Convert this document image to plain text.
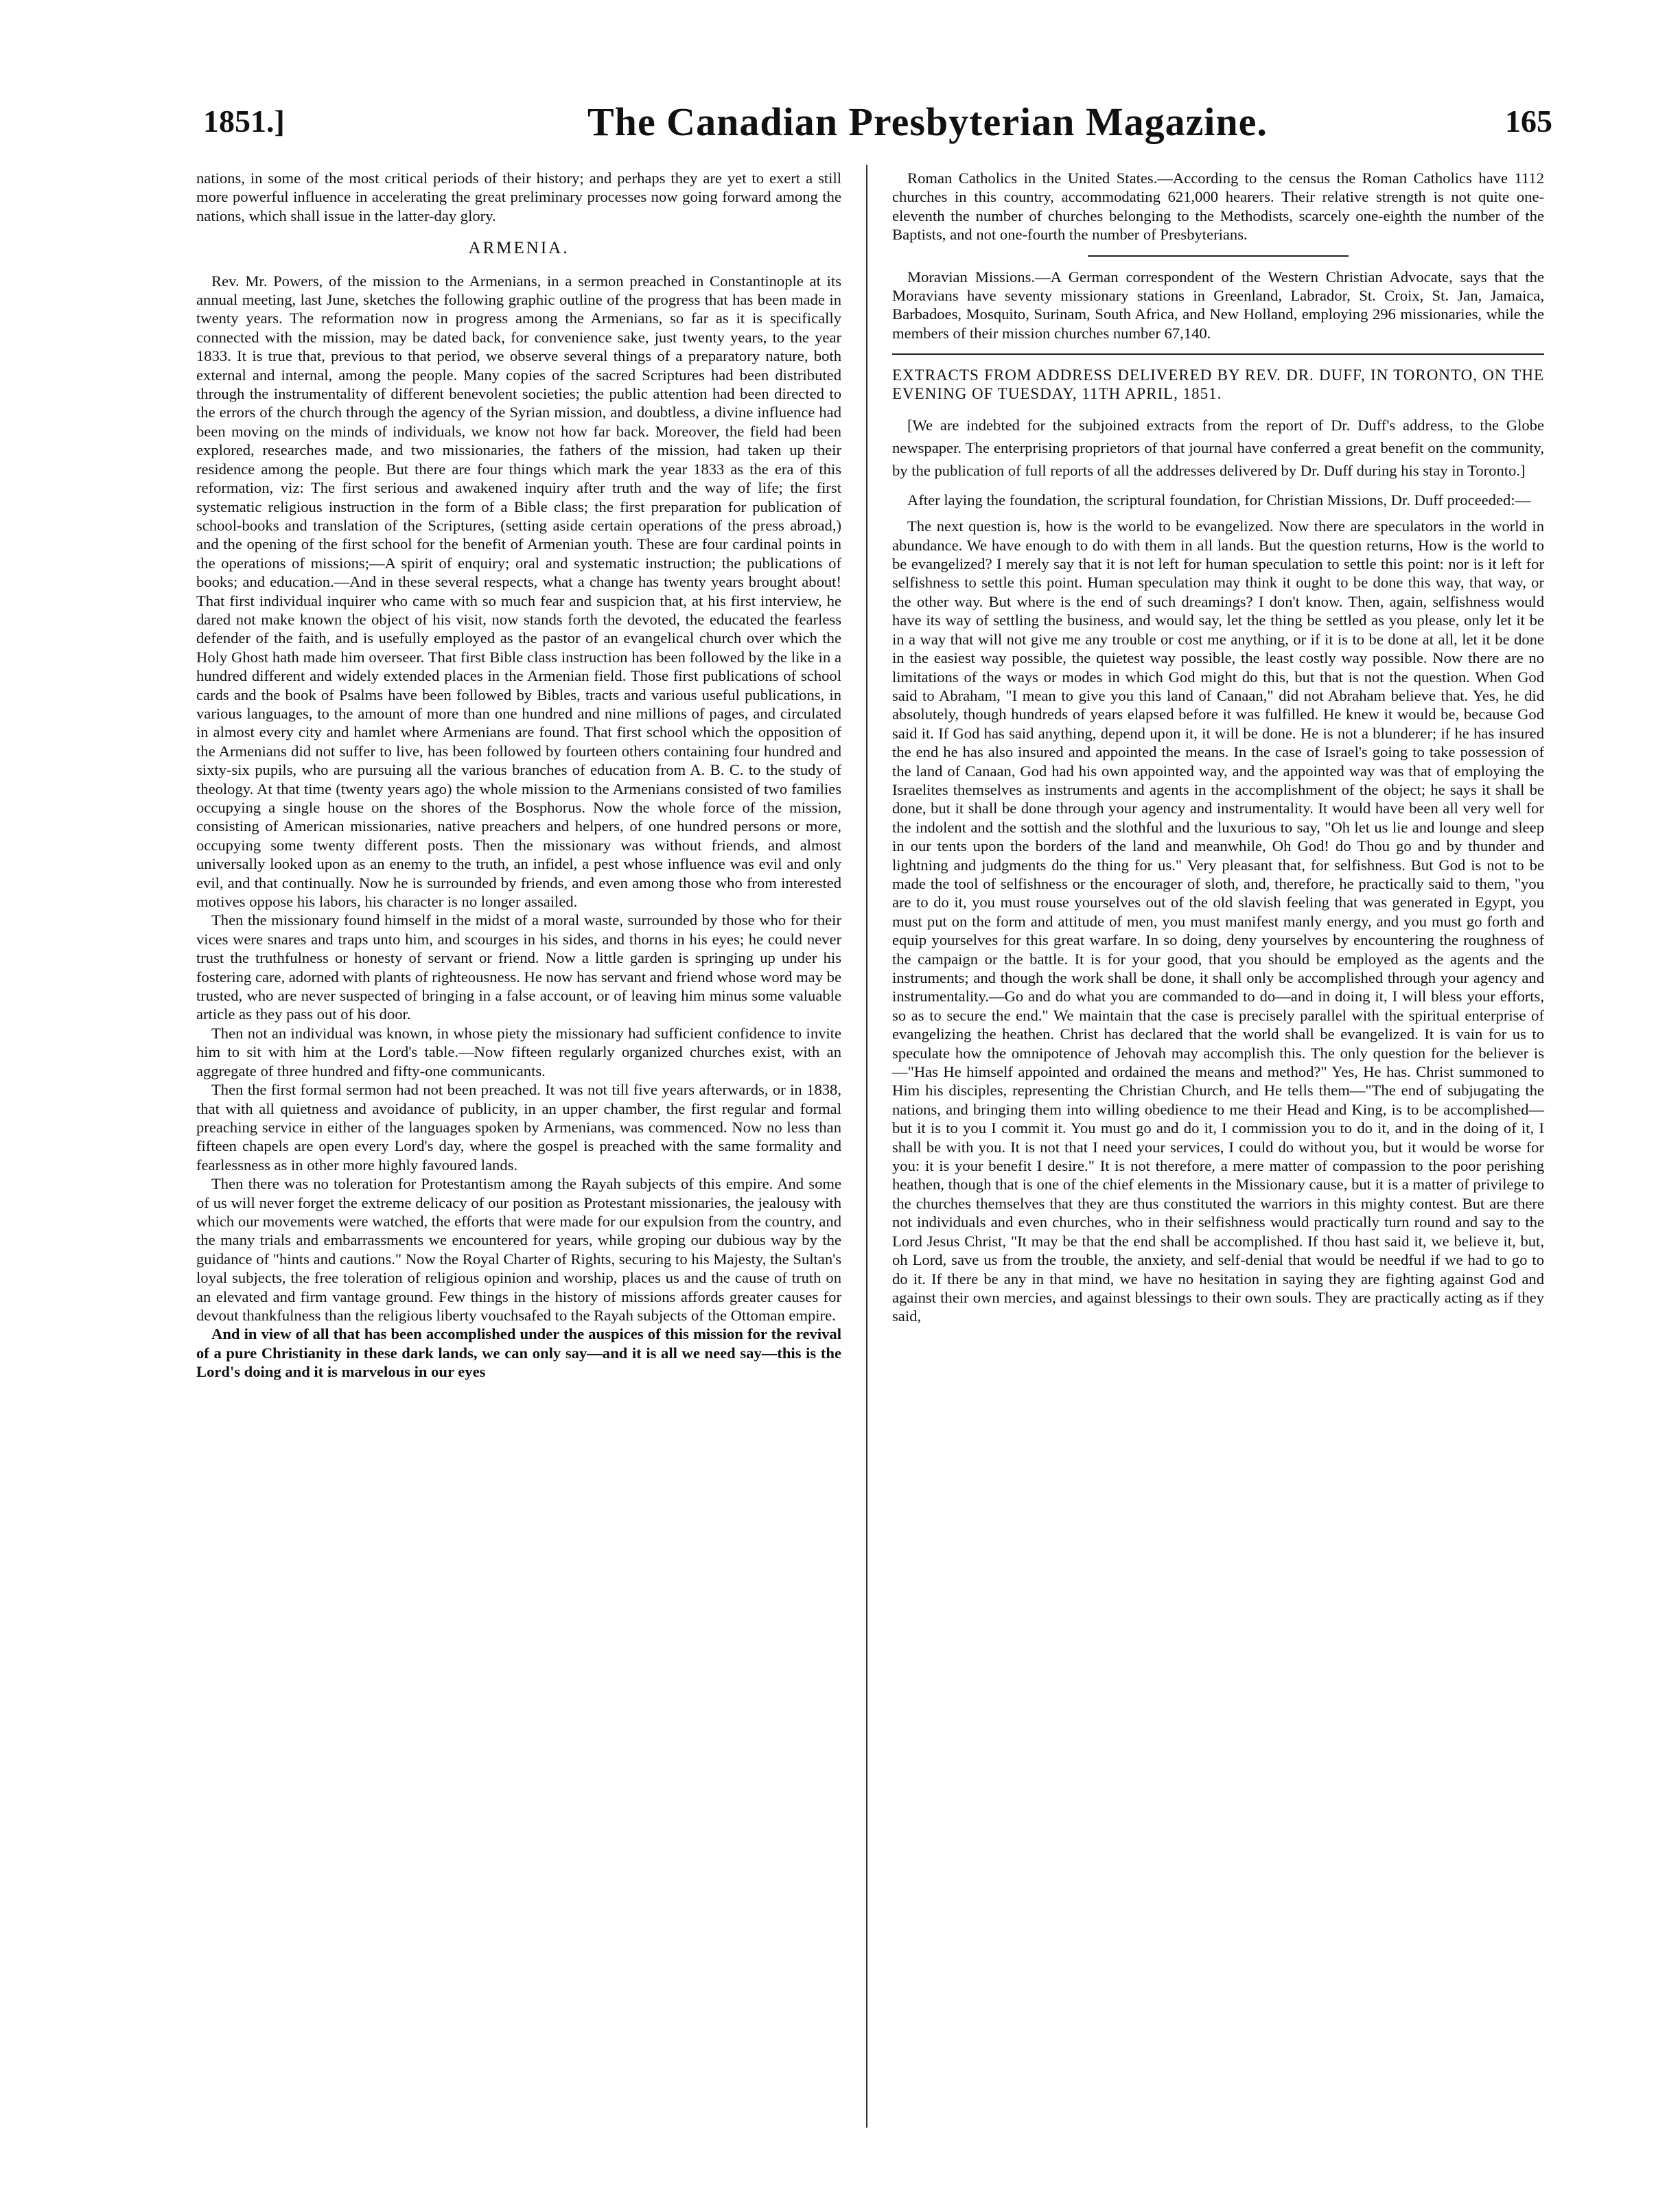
1851.]	The Canadian Presbyterian Magazine.	165

nations, in some of the most critical periods of their history; and perhaps they are yet to exert a still more powerful influence in accelerating the great preliminary processes now going forward among the nations, which shall issue in the latter-day glory.

ARMENIA.

Rev. Mr. Powers, of the mission to the Armenians, in a sermon preached in Constantinople at its annual meeting, last June, sketches the following graphic outline of the progress that has been made in twenty years. The reformation now in progress among the Armenians, so far as it is specifically connected with the mission, may be dated back, for convenience sake, just twenty years, to the year 1833. It is true that, previous to that period, we observe several things of a preparatory nature, both external and internal, among the people. Many copies of the sacred Scriptures had been distributed through the instrumentality of different benevolent societies; the public attention had been directed to the errors of the church through the agency of the Syrian mission, and doubtless, a divine influence had been moving on the minds of individuals, we know not how far back. Moreover, the field had been explored, researches made, and two missionaries, the fathers of the mission, had taken up their residence among the people. But there are four things which mark the year 1833 as the era of this reformation, viz: The first serious and awakened inquiry after truth and the way of life; the first systematic religious instruction in the form of a Bible class; the first preparation for publication of school-books and translation of the Scriptures, (setting aside certain operations of the press abroad,) and the opening of the first school for the benefit of Armenian youth. These are four cardinal points in the operations of missions;—A spirit of enquiry; oral and systematic instruction; the publications of books; and education.—And in these several respects, what a change has twenty years brought about! That first individual inquirer who came with so much fear and suspicion that, at his first interview, he dared not make known the object of his visit, now stands forth the devoted, the educated the fearless defender of the faith, and is usefully employed as the pastor of an evangelical church over which the Holy Ghost hath made him overseer. That first Bible class instruction has been followed by the like in a hundred different and widely extended places in the Armenian field. Those first publications of school cards and the book of Psalms have been followed by Bibles, tracts and various useful publications, in various languages, to the amount of more than one hundred and nine millions of pages, and circulated in almost every city and hamlet where Armenians are found. That first school which the opposition of the Armenians did not suffer to live, has been followed by fourteen others containing four hundred and sixty-six pupils, who are pursuing all the various branches of education from A. B. C. to the study of theology. At that time (twenty years ago) the whole mission to the Armenians consisted of two families occupying a single house on the shores of the Bosphorus. Now the whole force of the mission, consisting of American missionaries, native preachers and helpers, of one hundred persons or more, occupying some twenty different posts. Then the missionary was without friends, and almost universally looked upon as an enemy to the truth, an infidel, a pest whose influence was evil and only evil, and that continually. Now he is surrounded by friends, and even among those who from interested motives oppose his labors, his character is no longer assailed.

Then the missionary found himself in the midst of a moral waste, surrounded by those who for their vices were snares and traps unto him, and scourges in his sides, and thorns in his eyes; he could never trust the truthfulness or honesty of servant or friend. Now a little garden is springing up under his fostering care, adorned with plants of righteousness. He now has servant and friend whose word may be trusted, who are never suspected of bringing in a false account, or of leaving him minus some valuable article as they pass out of his door.

Then not an individual was known, in whose piety the missionary had sufficient confidence to invite him to sit with him at the Lord's table.—Now fifteen regularly organized churches exist, with an aggregate of three hundred and fifty-one communicants.

Then the first formal sermon had not been preached. It was not till five years afterwards, or in 1838, that with all quietness and avoidance of publicity, in an upper chamber, the first regular and formal preaching service in either of the languages spoken by Armenians, was commenced. Now no less than fifteen chapels are open every Lord's day, where the gospel is preached with the same formality and fearlessness as in other more highly favoured lands.

Then there was no toleration for Protestantism among the Rayah subjects of this empire. And some of us will never forget the extreme delicacy of our position as Protestant missionaries, the jealousy with which our movements were watched, the efforts that were made for our expulsion from the country, and the many trials and embarrassments we encountered for years, while groping our dubious way by the guidance of "hints and cautions." Now the Royal Charter of Rights, securing to his Majesty, the Sultan's loyal subjects, the free toleration of religious opinion and worship, places us and the cause of truth on an elevated and firm vantage ground. Few things in the history of missions affords greater causes for devout thankfulness than the religious liberty vouchsafed to the Rayah subjects of the Ottoman empire.

And in view of all that has been accomplished under the auspices of this mission for the revival of a pure Christianity in these dark lands, we can only say—and it is all we need say—this is the Lord's doing and it is marvelous in our eyes

Roman Catholics in the United States.—According to the census the Roman Catholics have 1112 churches in this country, accommodating 621,000 hearers. Their relative strength is not quite one-eleventh the number of churches belonging to the Methodists, scarcely one-eighth the number of the Baptists, and not one-fourth the number of Presbyterians.

Moravian Missions.—A German correspondent of the Western Christian Advocate, says that the Moravians have seventy missionary stations in Greenland, Labrador, St. Croix, St. Jan, Jamaica, Barbadoes, Mosquito, Surinam, South Africa, and New Holland, employing 296 missionaries, while the members of their mission churches number 67,140.

EXTRACTS FROM ADDRESS DELIVERED BY REV. DR. DUFF, IN TORONTO, ON THE EVENING OF TUESDAY, 11TH APRIL, 1851.

[We are indebted for the subjoined extracts from the report of Dr. Duff's address, to the Globe newspaper. The enterprising proprietors of that journal have conferred a great benefit on the community, by the publication of full reports of all the addresses delivered by Dr. Duff during his stay in Toronto.]

After laying the foundation, the scriptural foundation, for Christian Missions, Dr. Duff proceeded:—

The next question is, how is the world to be evangelized. Now there are speculators in the world in abundance. We have enough to do with them in all lands. But the question returns, How is the world to be evangelized? I merely say that it is not left for human speculation to settle this point: nor is it left for selfishness to settle this point. Human speculation may think it ought to be done this way, that way, or the other way. But where is the end of such dreamings? I don't know. Then, again, selfishness would have its way of settling the business, and would say, let the thing be settled as you please, only let it be in a way that will not give me any trouble or cost me anything, or if it is to be done at all, let it be done in the easiest way possible, the quietest way possible, the least costly way possible. Now there are no limitations of the ways or modes in which God might do this, but that is not the question. When God said to Abraham, "I mean to give you this land of Canaan," did not Abraham believe that. Yes, he did absolutely, though hundreds of years elapsed before it was fulfilled. He knew it would be, because God said it. If God has said anything, depend upon it, it will be done. He is not a blunderer; if he has insured the end he has also insured and appointed the means. In the case of Israel's going to take possession of the land of Canaan, God had his own appointed way, and the appointed way was that of employing the Israelites themselves as instruments and agents in the accomplishment of the object; he says it shall be done, but it shall be done through your agency and instrumentality. It would have been all very well for the indolent and the sottish and the slothful and the luxurious to say, "Oh let us lie and lounge and sleep in our tents upon the borders of the land and meanwhile, Oh God! do Thou go and by thunder and lightning and judgments do the thing for us." Very pleasant that, for selfishness. But God is not to be made the tool of selfishness or the encourager of sloth, and, therefore, he practically said to them, "you are to do it, you must rouse yourselves out of the old slavish feeling that was generated in Egypt, you must put on the form and attitude of men, you must manifest manly energy, and you must go forth and equip yourselves for this great warfare. In so doing, deny yourselves by encountering the roughness of the campaign or the battle. It is for your good, that you should be employed as the agents and the instruments; and though the work shall be done, it shall only be accomplished through your agency and instrumentality.—Go and do what you are commanded to do—and in doing it, I will bless your efforts, so as to secure the end." We maintain that the case is precisely parallel with the spiritual enterprise of evangelizing the heathen. Christ has declared that the world shall be evangelized. It is vain for us to speculate how the omnipotence of Jehovah may accomplish this. The only question for the believer is—"Has He himself appointed and ordained the means and method?" Yes, He has. Christ summoned to Him his disciples, representing the Christian Church, and He tells them—"The end of subjugating the nations, and bringing them into willing obedience to me their Head and King, is to be accomplished—but it is to you I commit it. You must go and do it, I commission you to do it, and in the doing of it, I shall be with you. It is not that I need your services, I could do without you, but it would be worse for you: it is your benefit I desire." It is not therefore, a mere matter of compassion to the poor perishing heathen, though that is one of the chief elements in the Missionary cause, but it is a matter of privilege to the churches themselves that they are thus constituted the warriors in this mighty contest. But are there not individuals and even churches, who in their selfishness would practically turn round and say to the Lord Jesus Christ, "It may be that the end shall be accomplished. If thou hast said it, we believe it, but, oh Lord, save us from the trouble, the anxiety, and self-denial that would be needful if we had to go to do it. If there be any in that mind, we have no hesitation in saying they are fighting against God and against their own mercies, and against blessings to their own souls. They are practically acting as if they said,
